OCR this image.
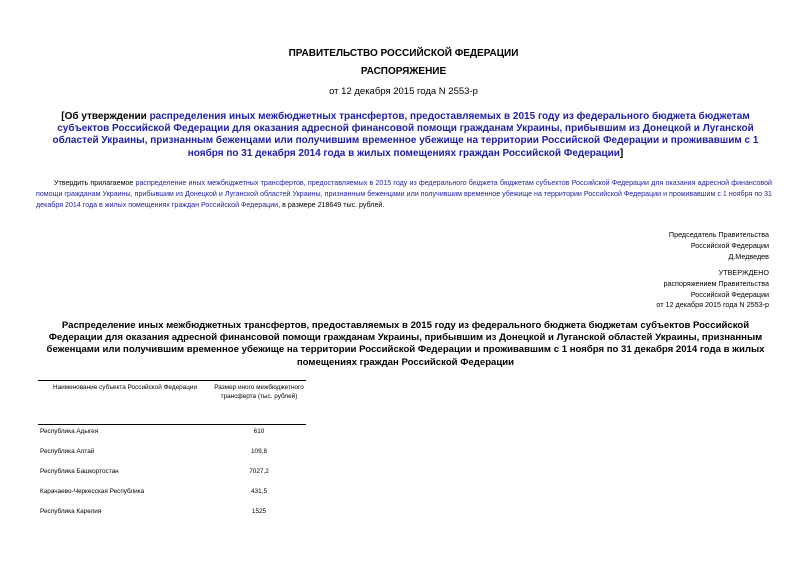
ПРАВИТЕЛЬСТВО РОССИЙСКОЙ ФЕДЕРАЦИИ
РАСПОРЯЖЕНИЕ
от 12 декабря 2015 года N 2553-р
[Об утверждении распределения иных межбюджетных трансфертов, предоставляемых в 2015 году из федерального бюджета бюджетам субъектов Российской Федерации для оказания адресной финансовой помощи гражданам Украины, прибывшим из Донецкой и Луганской областей Украины, признанным беженцами или получившим временное убежище на территории Российской Федерации и проживавшим с 1 ноября по 31 декабря 2014 года в жилых помещениях граждан Российской Федерации]
Утвердить прилагаемое распределение иных межбюджетных трансфертов, предоставляемых в 2015 году из федерального бюджета бюджетам субъектов Российской Федерации для оказания адресной финансовой помощи гражданам Украины, прибывшим из Донецкой и Луганской областей Украины, признанным беженцами или получившим временное убежище на территории Российской Федерации и проживавшим с 1 ноября по 31 декабря 2014 года в жилых помещениях граждан Российской Федерации, в размере 218649 тыс. рублей.
Председатель Правительства
Российской Федерации
Д.Медведев
УТВЕРЖДЕНО
распоряжением Правительства
Российской Федерации
от 12 декабря 2015 года N 2553-р
Распределение иных межбюджетных трансфертов, предоставляемых в 2015 году из федерального бюджета бюджетам субъектов Российской Федерации для оказания адресной финансовой помощи гражданам Украины, прибывшим из Донецкой и Луганской областей Украины, признанным беженцами или получившим временное убежище на территории Российской Федерации и проживавшим с 1 ноября по 31 декабря 2014 года в жилых помещениях граждан Российской Федерации
Наименование субъекта Российской Федерации	Размер иного межбюджетного трансферта (тыс. рублей)

Республика Адыгея	610
Республика Алтай	109,8
Республика Башкортостан	7027,2
Карачаево-Черкесская Республика	431,5
Республика Карелия	1525
